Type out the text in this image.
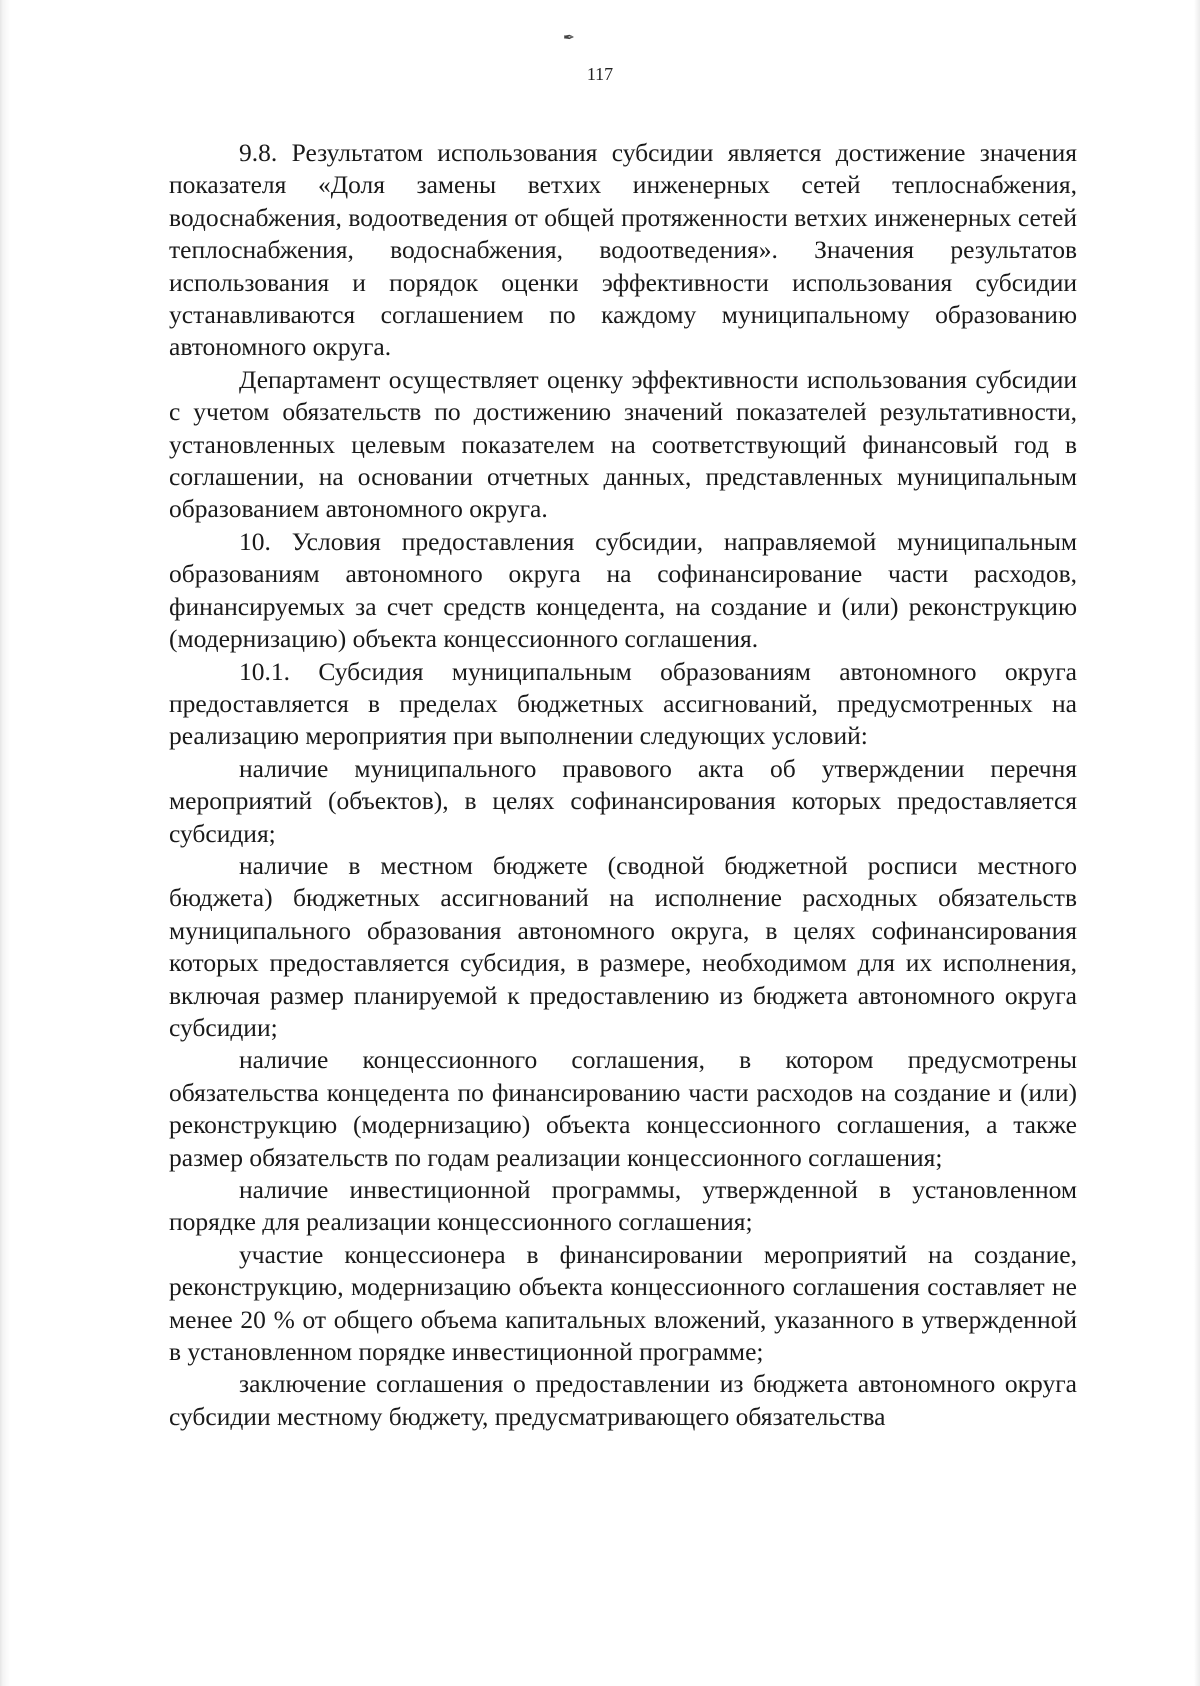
✒
117

9.8. Результатом использования субсидии является достижение значения показателя «Доля замены ветхих инженерных сетей теплоснабжения, водоснабжения, водоотведения от общей протяженности ветхих инженерных сетей теплоснабжения, водоснабжения, водоотведения». Значения результатов использования и порядок оценки эффективности использования субсидии устанавливаются соглашением по каждому муниципальному образованию автономного округа.

Департамент осуществляет оценку эффективности использования субсидии с учетом обязательств по достижению значений показателей результативности, установленных целевым показателем на соответствующий финансовый год в соглашении, на основании отчетных данных, представленных муниципальным образованием автономного округа.

10. Условия предоставления субсидии, направляемой муниципальным образованиям автономного округа на софинансирование части расходов, финансируемых за счет средств концедента, на создание и (или) реконструкцию (модернизацию) объекта концессионного соглашения.

10.1. Субсидия муниципальным образованиям автономного округа предоставляется в пределах бюджетных ассигнований, предусмотренных на реализацию мероприятия при выполнении следующих условий:

наличие муниципального правового акта об утверждении перечня мероприятий (объектов), в целях софинансирования которых предоставляется субсидия;

наличие в местном бюджете (сводной бюджетной росписи местного бюджета) бюджетных ассигнований на исполнение расходных обязательств муниципального образования автономного округа, в целях софинансирования которых предоставляется субсидия, в размере, необходимом для их исполнения, включая размер планируемой к предоставлению из бюджета автономного округа субсидии;

наличие концессионного соглашения, в котором предусмотрены обязательства концедента по финансированию части расходов на создание и (или) реконструкцию (модернизацию) объекта концессионного соглашения, а также размер обязательств по годам реализации концессионного соглашения;

наличие инвестиционной программы, утвержденной в установленном порядке для реализации концессионного соглашения;

участие концессионера в финансировании мероприятий на создание, реконструкцию, модернизацию объекта концессионного соглашения составляет не менее 20 % от общего объема капитальных вложений, указанного в утвержденной в установленном порядке инвестиционной программе;

заключение соглашения о предоставлении из бюджета автономного округа субсидии местному бюджету, предусматривающего обязательства
